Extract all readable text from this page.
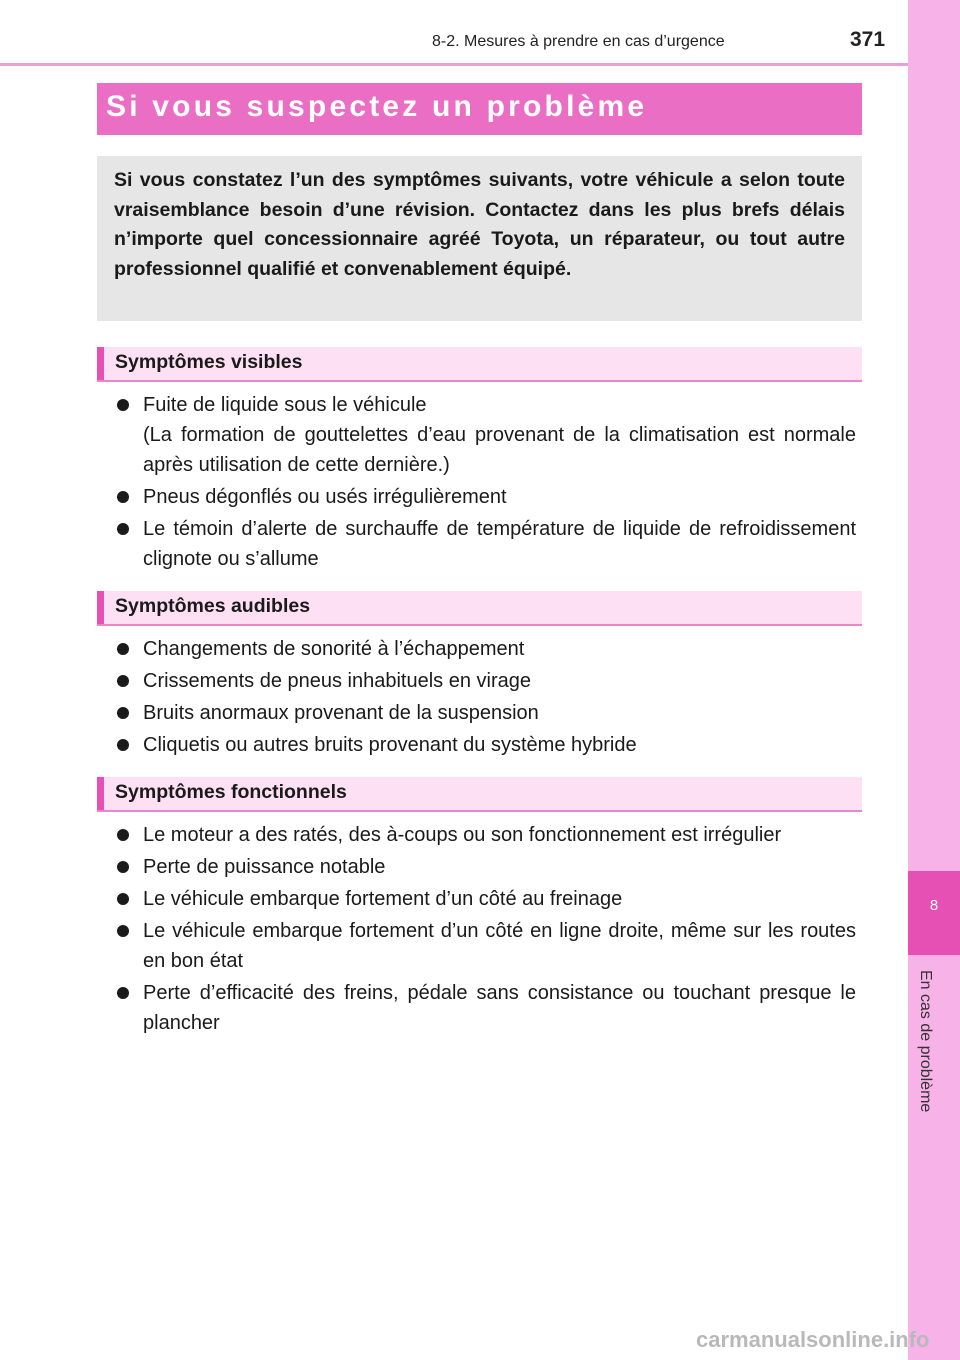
8-2. Mesures à prendre en cas d’urgence	371
8
En cas de problème
Si vous suspectez un problème

Si vous constatez l’un des symptômes suivants, votre véhicule a selon toute vraisemblance besoin d’une révision. Contactez dans les plus brefs délais n’importe quel concessionnaire agréé Toyota, un réparateur, ou tout autre professionnel qualifié et convenablement équipé.

Symptômes visibles
Fuite de liquide sous le véhicule
(La formation de gouttelettes d’eau provenant de la climatisation est normale après utilisation de cette dernière.)
Pneus dégonflés ou usés irrégulièrement
Le témoin d’alerte de surchauffe de température de liquide de refroidissement clignote ou s’allume
Symptômes audibles
Changements de sonorité à l’échappement
Crissements de pneus inhabituels en virage
Bruits anormaux provenant de la suspension
Cliquetis ou autres bruits provenant du système hybride
Symptômes fonctionnels
Le moteur a des ratés, des à-coups ou son fonctionnement est irrégulier
Perte de puissance notable
Le véhicule embarque fortement d’un côté au freinage
Le véhicule embarque fortement d’un côté en ligne droite, même sur les routes en bon état
Perte d’efficacité des freins, pédale sans consistance ou touchant presque le plancher
carmanualsonline.info
